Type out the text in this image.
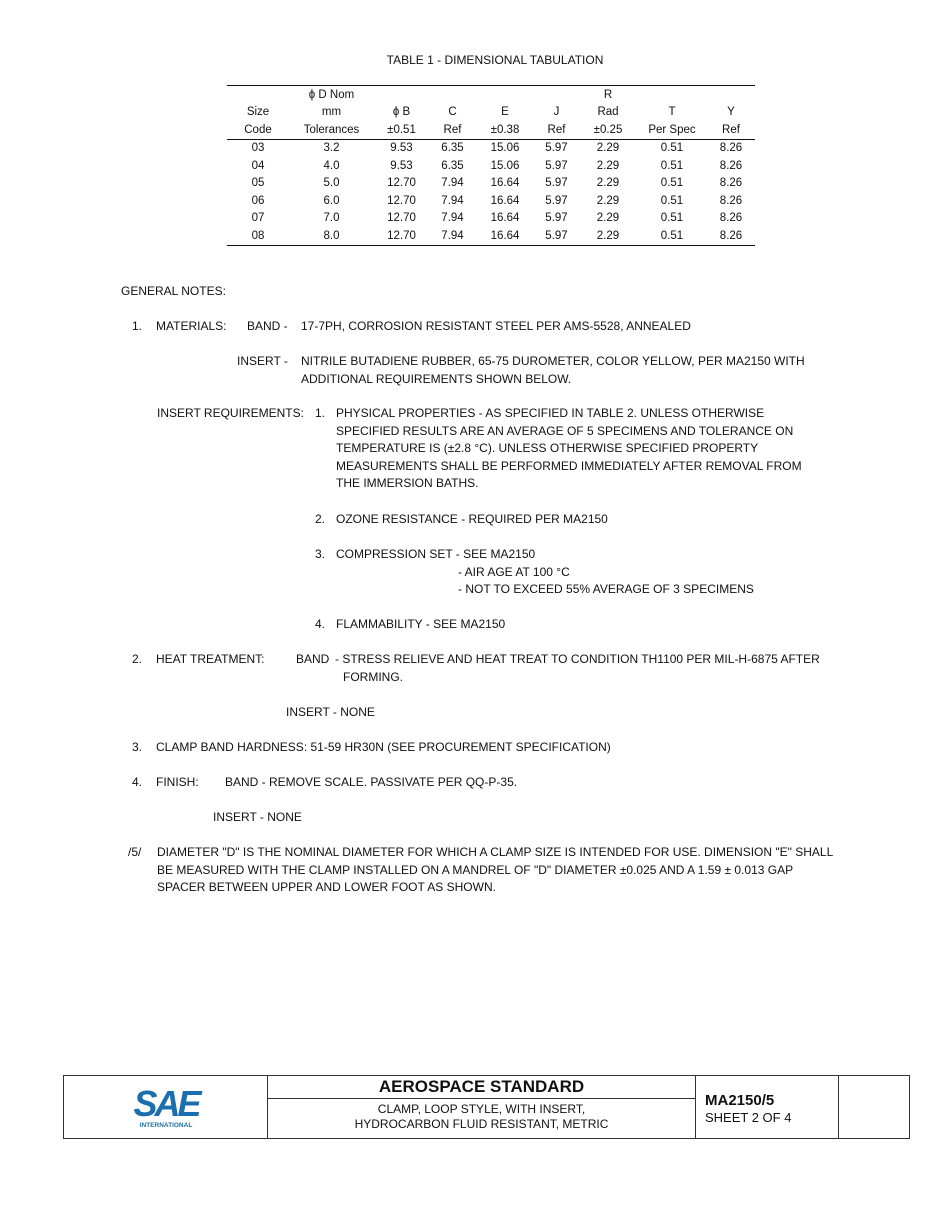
TABLE 1 - DIMENSIONAL TABULATION
	ϕ D Nom					R		
Size	mm	ϕ B	C	E	J	Rad	T	Y
Code	Tolerances	±0.51	Ref	±0.38	Ref	±0.25	Per Spec	Ref
03	3.2	9.53	6.35	15.06	5.97	2.29	0.51	8.26
04	4.0	9.53	6.35	15.06	5.97	2.29	0.51	8.26
05	5.0	12.70	7.94	16.64	5.97	2.29	0.51	8.26
06	6.0	12.70	7.94	16.64	5.97	2.29	0.51	8.26
07	7.0	12.70	7.94	16.64	5.97	2.29	0.51	8.26
08	8.0	12.70	7.94	16.64	5.97	2.29	0.51	8.26
GENERAL NOTES:
1. MATERIALS: BAND - 17-7PH, CORROSION RESISTANT STEEL PER AMS-5528, ANNEALED
INSERT - NITRILE BUTADIENE RUBBER, 65-75 DUROMETER, COLOR YELLOW, PER MA2150 WITH
ADDITIONAL REQUIREMENTS SHOWN BELOW.
INSERT REQUIREMENTS: 1. PHYSICAL PROPERTIES - AS SPECIFIED IN TABLE 2. UNLESS OTHERWISE
SPECIFIED RESULTS ARE AN AVERAGE OF 5 SPECIMENS AND TOLERANCE ON
TEMPERATURE IS (±2.8 °C). UNLESS OTHERWISE SPECIFIED PROPERTY
MEASUREMENTS SHALL BE PERFORMED IMMEDIATELY AFTER REMOVAL FROM
THE IMMERSION BATHS.
2. OZONE RESISTANCE - REQUIRED PER MA2150
3. COMPRESSION SET - SEE MA2150
- AIR AGE AT 100 °C
- NOT TO EXCEED 55% AVERAGE OF 3 SPECIMENS
4. FLAMMABILITY - SEE MA2150
2. HEAT TREATMENT:	BAND - STRESS RELIEVE AND HEAT TREAT TO CONDITION TH1100 PER MIL-H-6875 AFTER
FORMING.
INSERT - NONE
3. CLAMP BAND HARDNESS: 51-59 HR30N (SEE PROCUREMENT SPECIFICATION)
4. FINISH: BAND - REMOVE SCALE. PASSIVATE PER QQ-P-35.
INSERT - NONE
/5/ DIAMETER "D" IS THE NOMINAL DIAMETER FOR WHICH A CLAMP SIZE IS INTENDED FOR USE. DIMENSION "E" SHALL
BE MEASURED WITH THE CLAMP INSTALLED ON A MANDREL OF "D" DIAMETER ±0.025 AND A 1.59 ± 0.013 GAP
SPACER BETWEEN UPPER AND LOWER FOOT AS SHOWN.
SAE
INTERNATIONAL
AEROSPACE STANDARD
CLAMP, LOOP STYLE, WITH INSERT,
HYDROCARBON FLUID RESISTANT, METRIC
MA2150/5
SHEET 2 OF 4
